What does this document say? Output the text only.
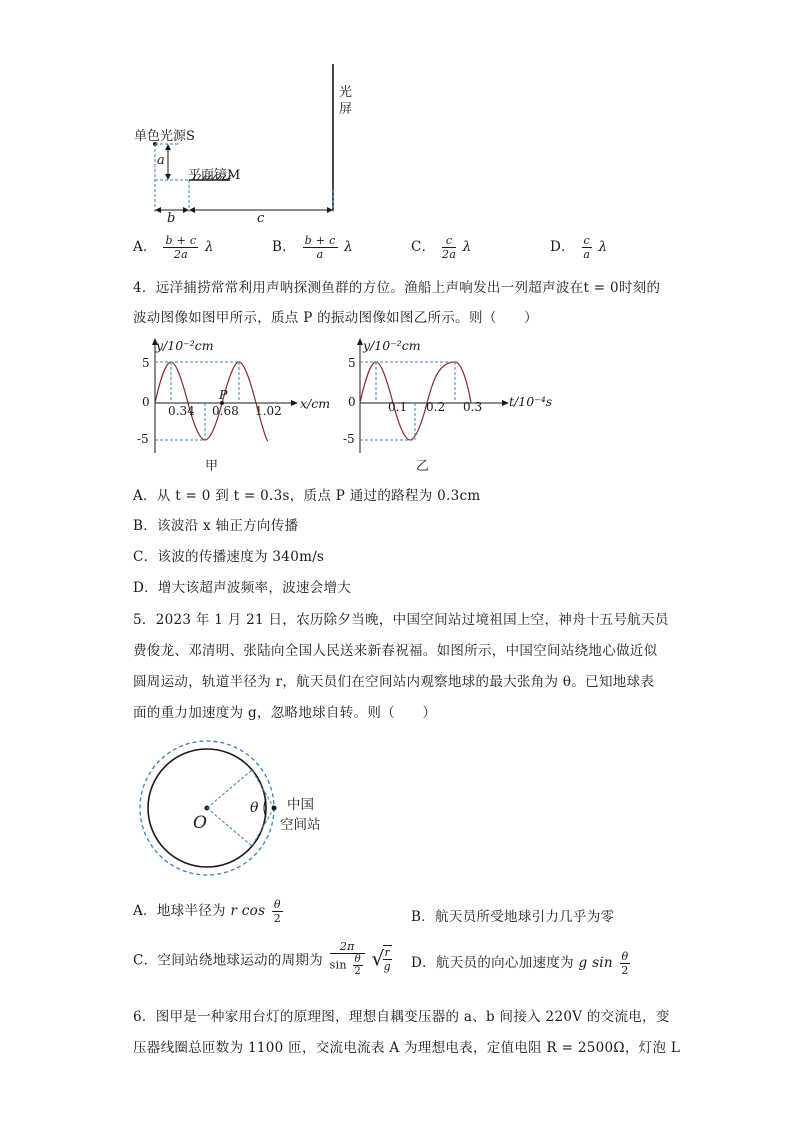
光屏
单色光源S
a
平面镜M
b	c
A． $\frac{b + c}{2a}$ λ	B． $\frac{b + c}{a}$ λ	C． $\frac{c}{2a}$ λ	D． $\frac{c}{a}$ λ
4．远洋捕捞常常利用声呐探测鱼群的方位。渔船上声响发出一列超声波在t = 0时刻的
波动图像如图甲所示，质点 P 的振动图像如图乙所示。则（　　）
y/10⁻²cm
5
0
-5
0.34 0.68 1.02
P
x/cm
甲
y/10⁻²cm
5
0
-5
0.1 0.2 0.3 t/10⁻⁴s
乙
A．从 t = 0 到 t = 0.3s，质点 P 通过的路程为 0.3cm
B．该波沿 x 轴正方向传播
C．该波的传播速度为 340m/s
D．增大该超声波频率，波速会增大
5．2023 年 1 月 21 日，农历除夕当晚，中国空间站过境祖国上空，神舟十五号航天员
费俊龙、邓清明、张陆向全国人民送来新春祝福。如图所示，中国空间站绕地心做近似
圆周运动，轨道半径为 r，航天员们在空间站内观察地球的最大张角为 θ。已知地球表
面的重力加速度为 g，忽略地球自转。则（　　）
O
θ 中国
空间站
A．地球半径为 r $\cos \frac{\theta}{2}$	B．航天员所受地球引力几乎为零
C．空间站绕地球运动的周期为 $\frac{2\pi}{\sin \frac{\theta}{2}}$ √
$\frac{r}{g}$ D．航天员的向心加速度为 g $\sin \frac{\theta}{2}$
6．图甲是一种家用台灯的原理图，理想自耦变压器的 a、b 间接入 220V 的交流电，变
压器线圈总匝数为 1100 匝，交流电流表 A 为理想电表，定值电阻 R = 2500Ω，灯泡 L
